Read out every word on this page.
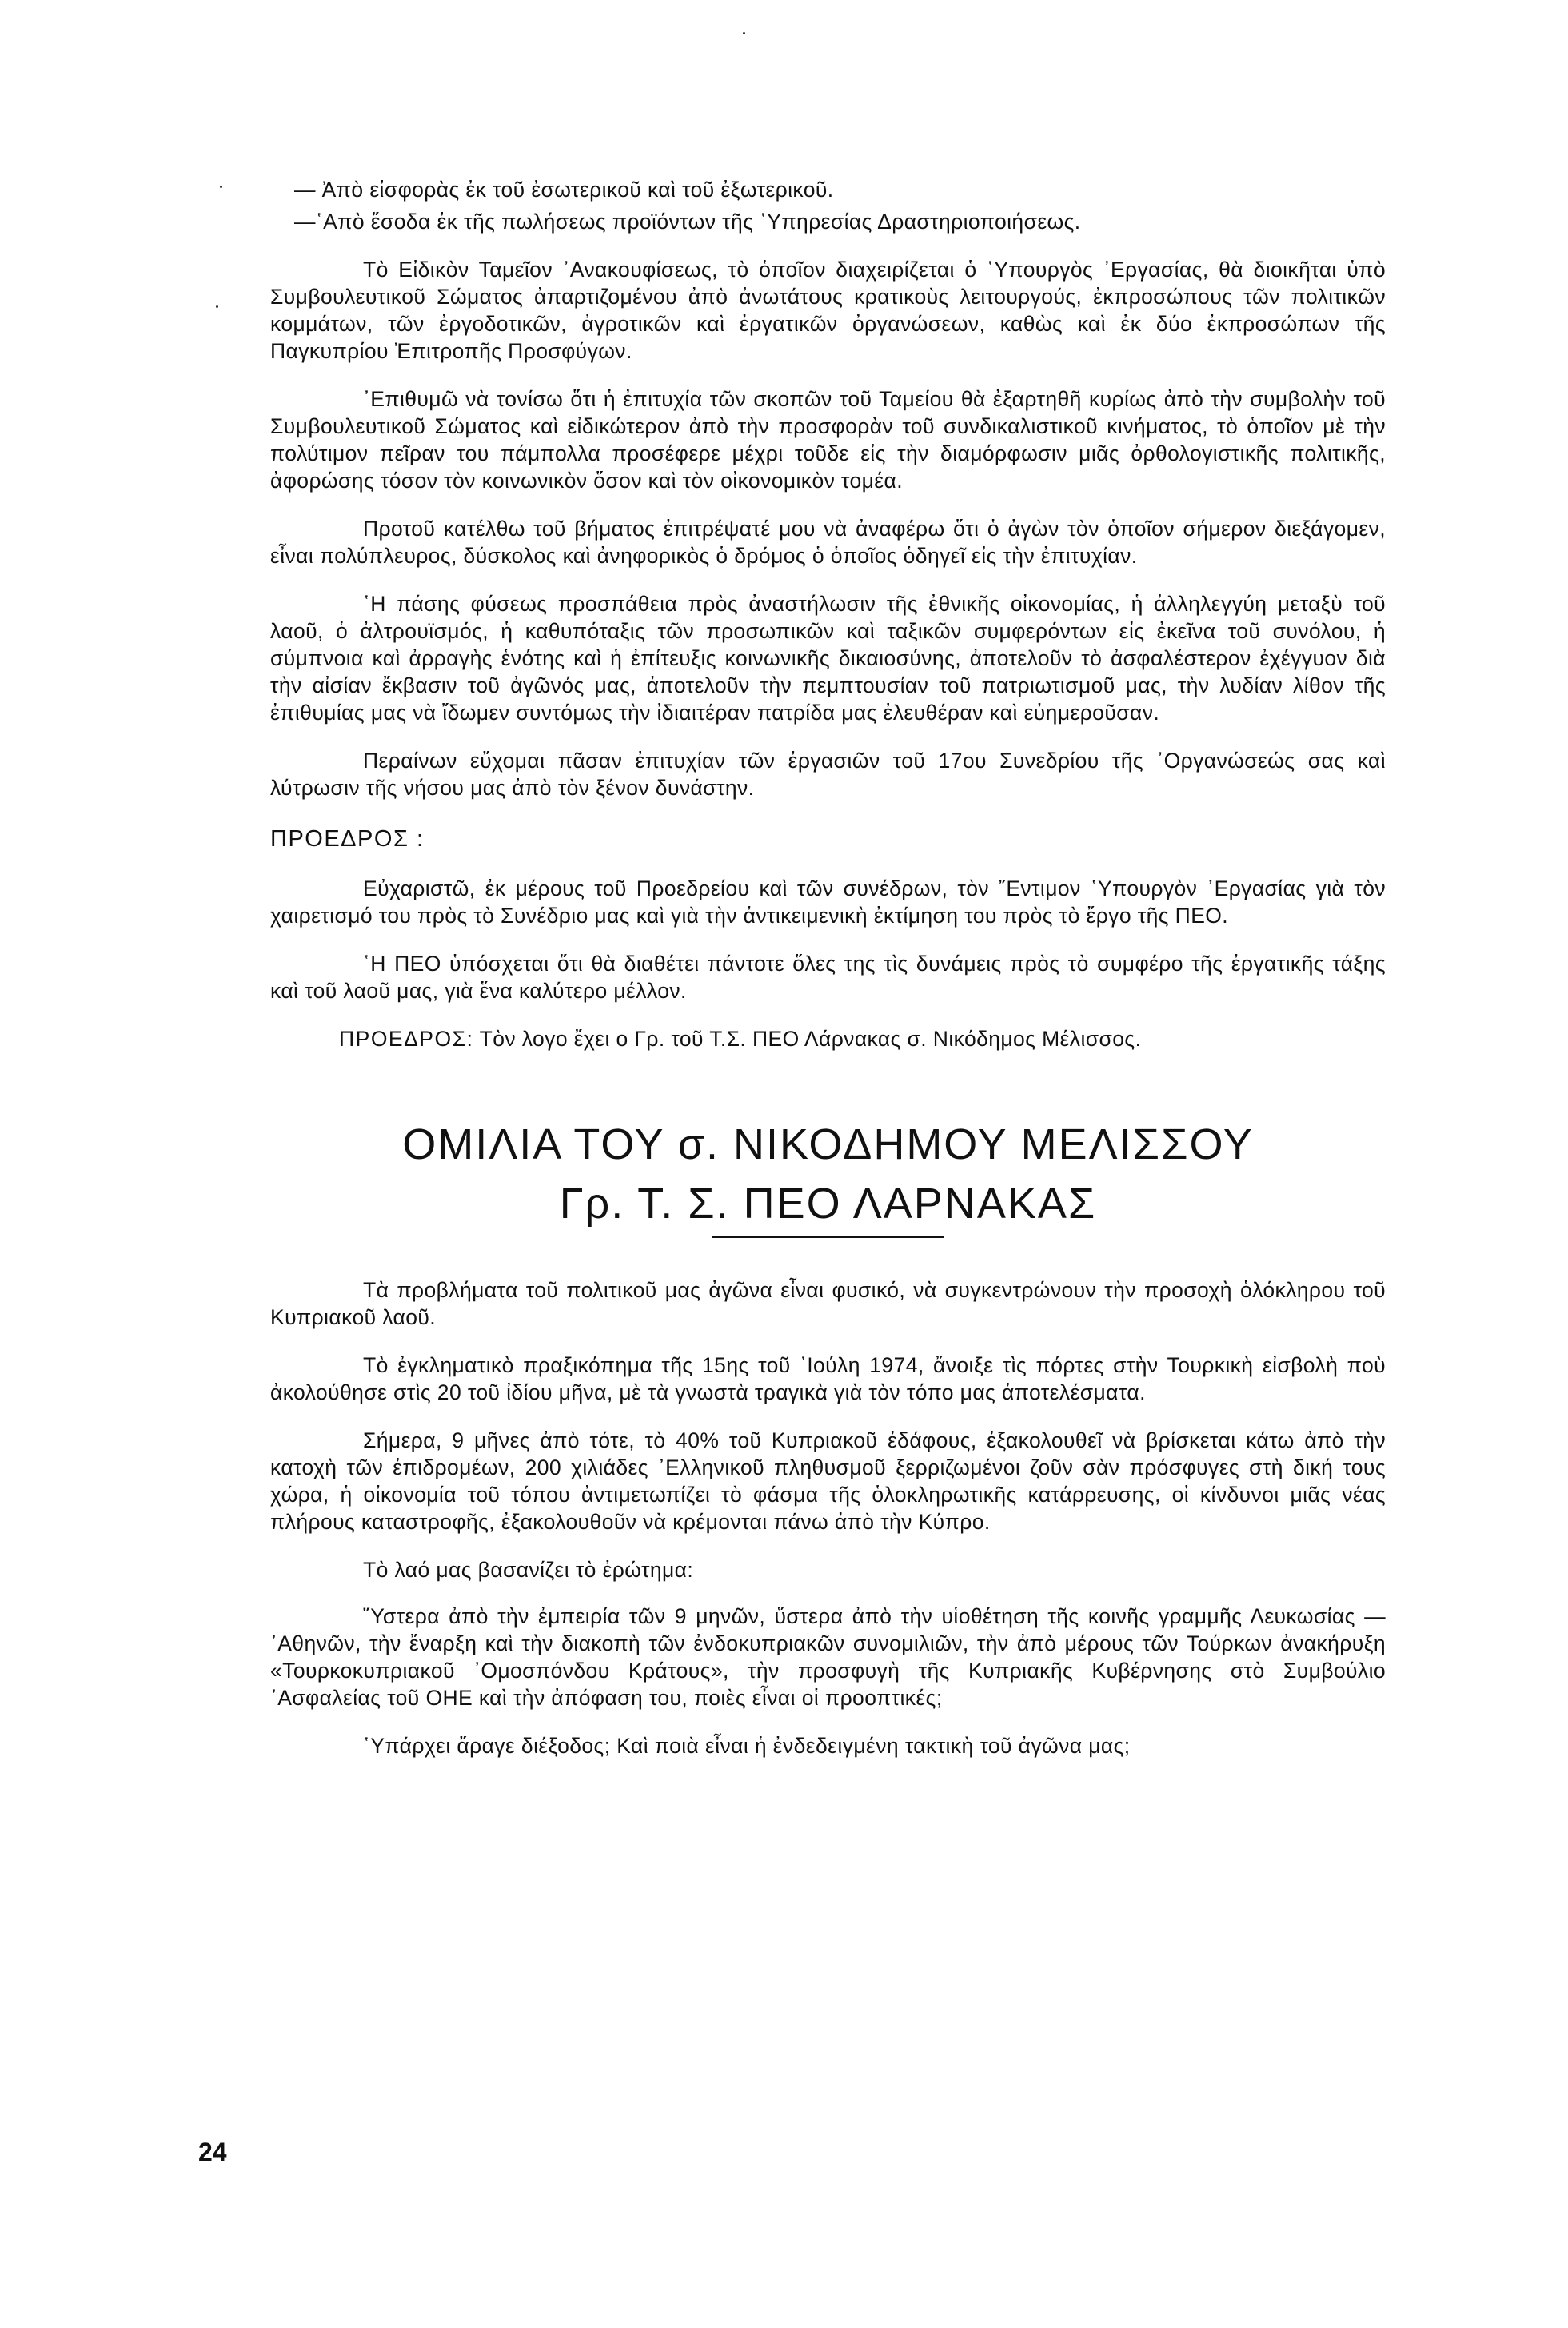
— Ἀπὸ εἰσφορὰς ἐκ τοῦ ἐσωτερικοῦ καὶ τοῦ ἐξωτερικοῦ.

—῾Απὸ ἔσοδα ἐκ τῆς πωλήσεως προϊόντων τῆς ῾Υπηρεσίας Δραστηριοποιήσεως.

Τὸ Εἰδικὸν Ταμεῖον ᾿Ανακουφίσεως, τὸ ὁποῖον διαχειρίζεται ὁ ῾Υπουργὸς ᾿Εργασίας, θὰ διοικῆται ὑπὸ Συμβουλευτικοῦ Σώματος ἀπαρτιζομένου ἀπὸ ἀνωτάτους κρατικοὺς λειτουργούς, ἐκπροσώπους τῶν πολιτικῶν κομμάτων, τῶν ἐργοδοτικῶν, ἀγροτικῶν καὶ ἐργατικῶν ὀργανώσεων, καθὼς καὶ ἐκ δύο ἐκπροσώπων τῆς Παγκυπρίου Ἐπιτροπῆς Προσφύγων.

᾿Επιθυμῶ νὰ τονίσω ὅτι ἡ ἐπιτυχία τῶν σκοπῶν τοῦ Ταμείου θὰ ἐξαρτηθῆ κυρίως ἀπὸ τὴν συμβολὴν τοῦ Συμβουλευτικοῦ Σώματος καὶ εἰδικώτερον ἀπὸ τὴν προσφορὰν τοῦ συνδικαλιστικοῦ κινήματος, τὸ ὁποῖον μὲ τὴν πολύτιμον πεῖραν του πάμπολλα προσέφερε μέχρι τοῦδε εἰς τὴν διαμόρφωσιν μιᾶς ὀρθολογιστικῆς πολιτικῆς, ἀφορώσης τόσον τὸν κοινωνικὸν ὅσον καὶ τὸν οἰκονομικὸν τομέα.

Προτοῦ κατέλθω τοῦ βήματος ἐπιτρέψατέ μου νὰ ἀναφέρω ὅτι ὁ ἀγὼν τὸν ὁποῖον σήμερον διεξάγομεν, εἶναι πολύπλευρος, δύσκολος καὶ ἀνηφορικὸς ὁ δρόμος ὁ ὁποῖος ὁδηγεῖ εἰς τὴν ἐπιτυχίαν.

῾Η πάσης φύσεως προσπάθεια πρὸς ἀναστήλωσιν τῆς ἐθνικῆς οἰκονομίας, ἡ ἀλληλεγγύη μεταξὺ τοῦ λαοῦ, ὁ ἀλτρουϊσμός, ἡ καθυπόταξις τῶν προσωπικῶν καὶ ταξικῶν συμφερόντων εἰς ἐκεῖνα τοῦ συνόλου, ἡ σύμπνοια καὶ ἀρραγὴς ἑνότης καὶ ἡ ἐπίτευξις κοινωνικῆς δικαιοσύνης, ἀποτελοῦν τὸ ἀσφαλέστερον ἐχέγγυον διὰ τὴν αἰσίαν ἔκβασιν τοῦ ἀγῶνός μας, ἀποτελοῦν τὴν πεμπτουσίαν τοῦ πατριωτισμοῦ μας, τὴν λυδίαν λίθον τῆς ἐπιθυμίας μας νὰ ἴδωμεν συντόμως τὴν ἰδιαιτέραν πατρίδα μας ἐλευθέραν καὶ εὐημεροῦσαν.

Περαίνων εὔχομαι πᾶσαν ἐπιτυχίαν τῶν ἐργασιῶν τοῦ 17ου Συνεδρίου τῆς ᾿Οργανώσεώς σας καὶ λύτρωσιν τῆς νήσου μας ἀπὸ τὸν ξένον δυνάστην.

ΠΡΟΕΔΡΟΣ :

Εὐχαριστῶ, ἐκ μέρους τοῦ Προεδρείου καὶ τῶν συνέδρων, τὸν ῎Εντιμον ῾Υπουργὸν ᾿Εργασίας γιὰ τὸν χαιρετισμό του πρὸς τὸ Συνέδριο μας καὶ γιὰ τὴν ἀντικειμενικὴ ἐκτίμηση του πρὸς τὸ ἔργο τῆς ΠΕΟ.

῾Η ΠΕΟ ὑπόσχεται ὅτι θὰ διαθέτει πάντοτε ὅλες της τὶς δυνάμεις πρὸς τὸ συμφέρο τῆς ἐργατικῆς τάξης καὶ τοῦ λαοῦ μας, γιὰ ἕνα καλύτερο μέλλον.

ΠΡΟΕΔΡΟΣ: Τὸν λογο ἔχει ο Γρ. τοῦ Τ.Σ. ΠΕΟ Λάρνακας σ. Νικόδημος Μέλισσος.

ΟΜΙΛΙΑ ΤΟΥ σ. ΝΙΚΟΔΗΜΟΥ ΜΕΛΙΣΣΟΥ
Γρ. Τ. Σ. ΠΕΟ ΛΑΡΝΑΚΑΣ

Τὰ προβλήματα τοῦ πολιτικοῦ μας ἀγῶνα εἶναι φυσικό, νὰ συγκεντρώνουν τὴν προσοχὴ ὁλόκληρου τοῦ Κυπριακοῦ λαοῦ.

Τὸ ἐγκληματικὸ πραξικόπημα τῆς 15ης τοῦ ᾿Ιούλη 1974, ἄνοιξε τὶς πόρτες στὴν Τουρκικὴ εἰσβολὴ ποὺ ἀκολούθησε στὶς 20 τοῦ ἰδίου μῆνα, μὲ τὰ γνωστὰ τραγικὰ γιὰ τὸν τόπο μας ἀποτελέσματα.

Σήμερα, 9 μῆνες ἀπὸ τότε, τὸ 40% τοῦ Κυπριακοῦ ἐδάφους, ἐξακολουθεῖ νὰ βρίσκεται κάτω ἀπὸ τὴν κατοχὴ τῶν ἐπιδρομέων, 200 χιλιάδες ᾿Ελληνικοῦ πληθυσμοῦ ξερριζωμένοι ζοῦν σὰν πρόσφυγες στὴ δική τους χώρα, ἡ οἰκονομία τοῦ τόπου ἀντιμετωπίζει τὸ φάσμα τῆς ὁλοκληρωτικῆς κατάρρευσης, οἱ κίνδυνοι μιᾶς νέας πλήρους καταστροφῆς, ἐξακολουθοῦν νὰ κρέμονται πάνω ἀπὸ τὴν Κύπρο.

Τὸ λαό μας βασανίζει τὸ ἐρώτημα:

῞Υστερα ἀπὸ τὴν ἐμπειρία τῶν 9 μηνῶν, ὕστερα ἀπὸ τὴν υἱοθέτηση τῆς κοινῆς γραμμῆς Λευκωσίας — ᾿Αθηνῶν, τὴν ἔναρξη καὶ τὴν διακοπὴ τῶν ἐνδοκυπριακῶν συνομιλιῶν, τὴν ἀπὸ μέρους τῶν Τούρκων ἀνακήρυξη «Τουρκοκυπριακοῦ ᾿Ομοσπόνδου Κράτους», τὴν προσφυγὴ τῆς Κυπριακῆς Κυβέρνησης στὸ Συμβούλιο ᾿Ασφαλείας τοῦ ΟΗΕ καὶ τὴν ἀπόφαση του, ποιὲς εἶναι οἱ προοπτικές;

῾Υπάρχει ἄραγε διέξοδος; Καὶ ποιὰ εἶναι ἡ ἐνδεδειγμένη τακτικὴ τοῦ ἀγῶνα μας;

24
